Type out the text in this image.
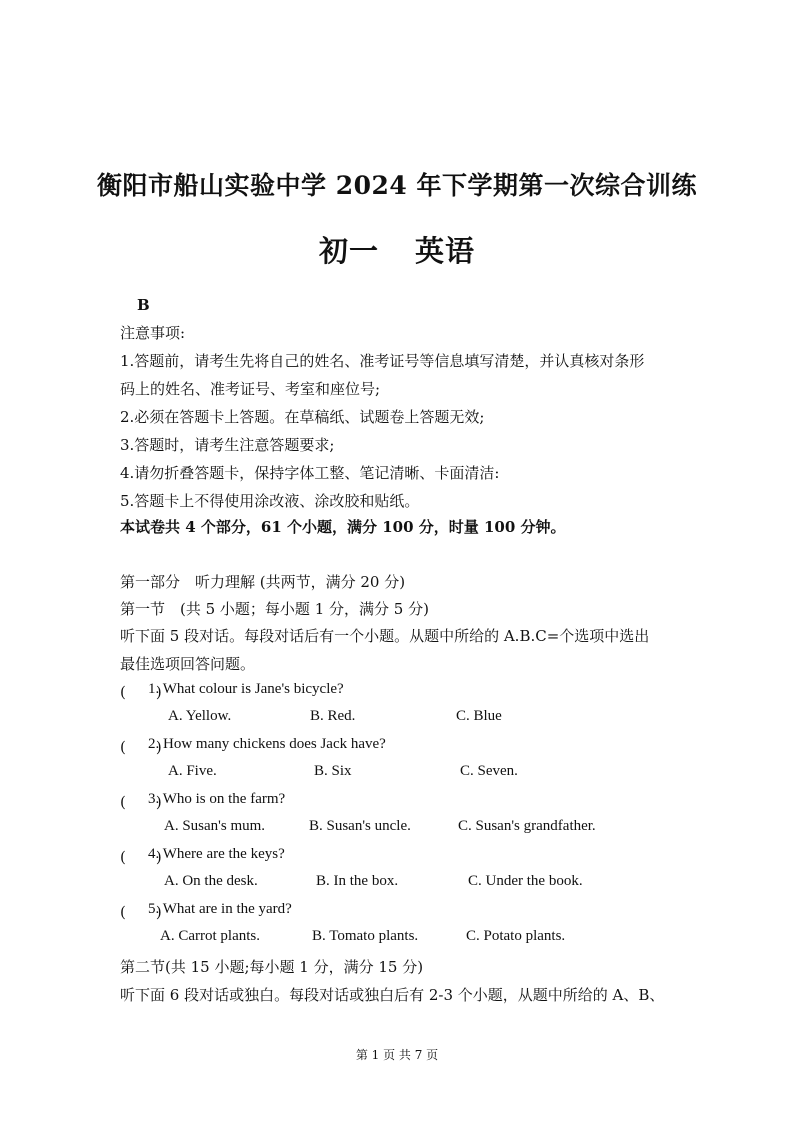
衡阳市船山实验中学 2024 年下学期第一次综合训练
初一 英语
B
注意事项:
1.答题前，请考生先将自己的姓名、准考证号等信息填写清楚，并认真核对条形
码上的姓名、准考证号、考室和座位号;
2.必须在答题卡上答题。在草稿纸、试题卷上答题无效;
3.答题时，请考生注意答题要求;
4.请勿折叠答题卡，保持字体工整、笔记清晰、卡面清洁:
5.答题卡上不得使用涂改液、涂改胶和贴纸。
本试卷共 4 个部分，61 个小题，满分 100 分，时量 100 分钟。
第一部分　听力理解 (共两节，满分 20 分)
第一节　(共 5 小题；每小题 1 分，满分 5 分)
听下面 5 段对话。每段对话后有一个小题。从题中所给的 A.B.C=个选项中选出
最佳选项回答问题。
(　　)
1. What colour is Jane's bicycle?
A. Yellow.	B. Red.	C. Blue
(　　)
2. How many chickens does Jack have?
A. Five.	B. Six	C. Seven.
(　　)
3. Who is on the farm?
A. Susan's mum.	B. Susan's uncle.	C. Susan's grandfather.
(　　)
4. Where are the keys?
A. On the desk.	B. In the box.	C. Under the book.
(　　)
5. What are in the yard?
A. Carrot plants.	B. Tomato plants.	C. Potato plants.
第二节(共 15 小题;每小题 1 分，满分 15 分)
听下面 6 段对话或独白。每段对话或独白后有 2-3 个小题，从题中所给的 A、B、
第 1 页 共 7 页
